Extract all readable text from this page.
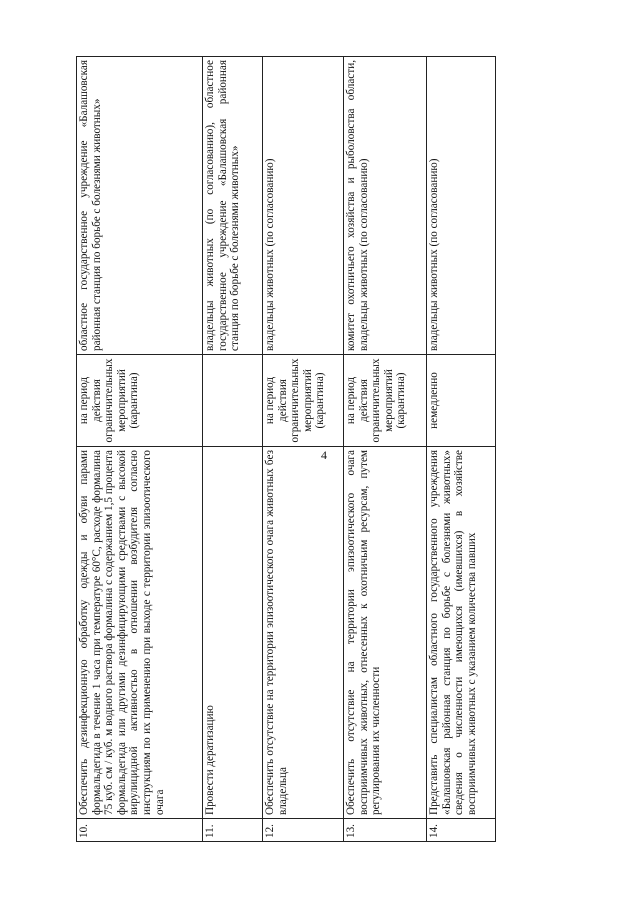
4
10.	Обеспечить дезинфекционную обработку одежды и обуви парами формальдегида в течение 1 часа при температуре 60°С, расходе формалина 75 куб. см / куб. м водного раствора формалина с содержанием 1,5 процента формальдегида или другими дезинфицирующими средствами с высокой вирулицидной активностью в отношении возбудителя согласно инструкциям по их применению при выходе с территории эпизоотического очага	на период действия ограничительных мероприятий (карантина)	областное государственное учреждение «Балашовская районная станция по борьбе с болезнями животных»
11.	Провести дератизацию		владельцы животных (по согласованию), областное государственное учреждение «Балашовская районная станция по борьбе с болезнями животных»
12.	Обеспечить отсутствие на территории эпизоотического очага животных без владельца	на период действия ограничительных мероприятий (карантина)	владельцы животных (по согласованию)
13.	Обеспечить отсутствие на территории эпизоотического очага восприимчивых животных, отнесенных к охотничьим ресурсам, путем регулирования их численности	на период действия ограничительных мероприятий (карантина)	комитет охотничьего хозяйства и рыболовства области, владельцы животных (по согласованию)
14.	Представить специалистам областного государственного учреждения «Балашовская районная станция по борьбе с болезнями животных» сведения о численности имеющихся (имевшихся) в хозяйстве восприимчивых животных с указанием количества павших	немедленно	владельцы животных (по согласованию)
